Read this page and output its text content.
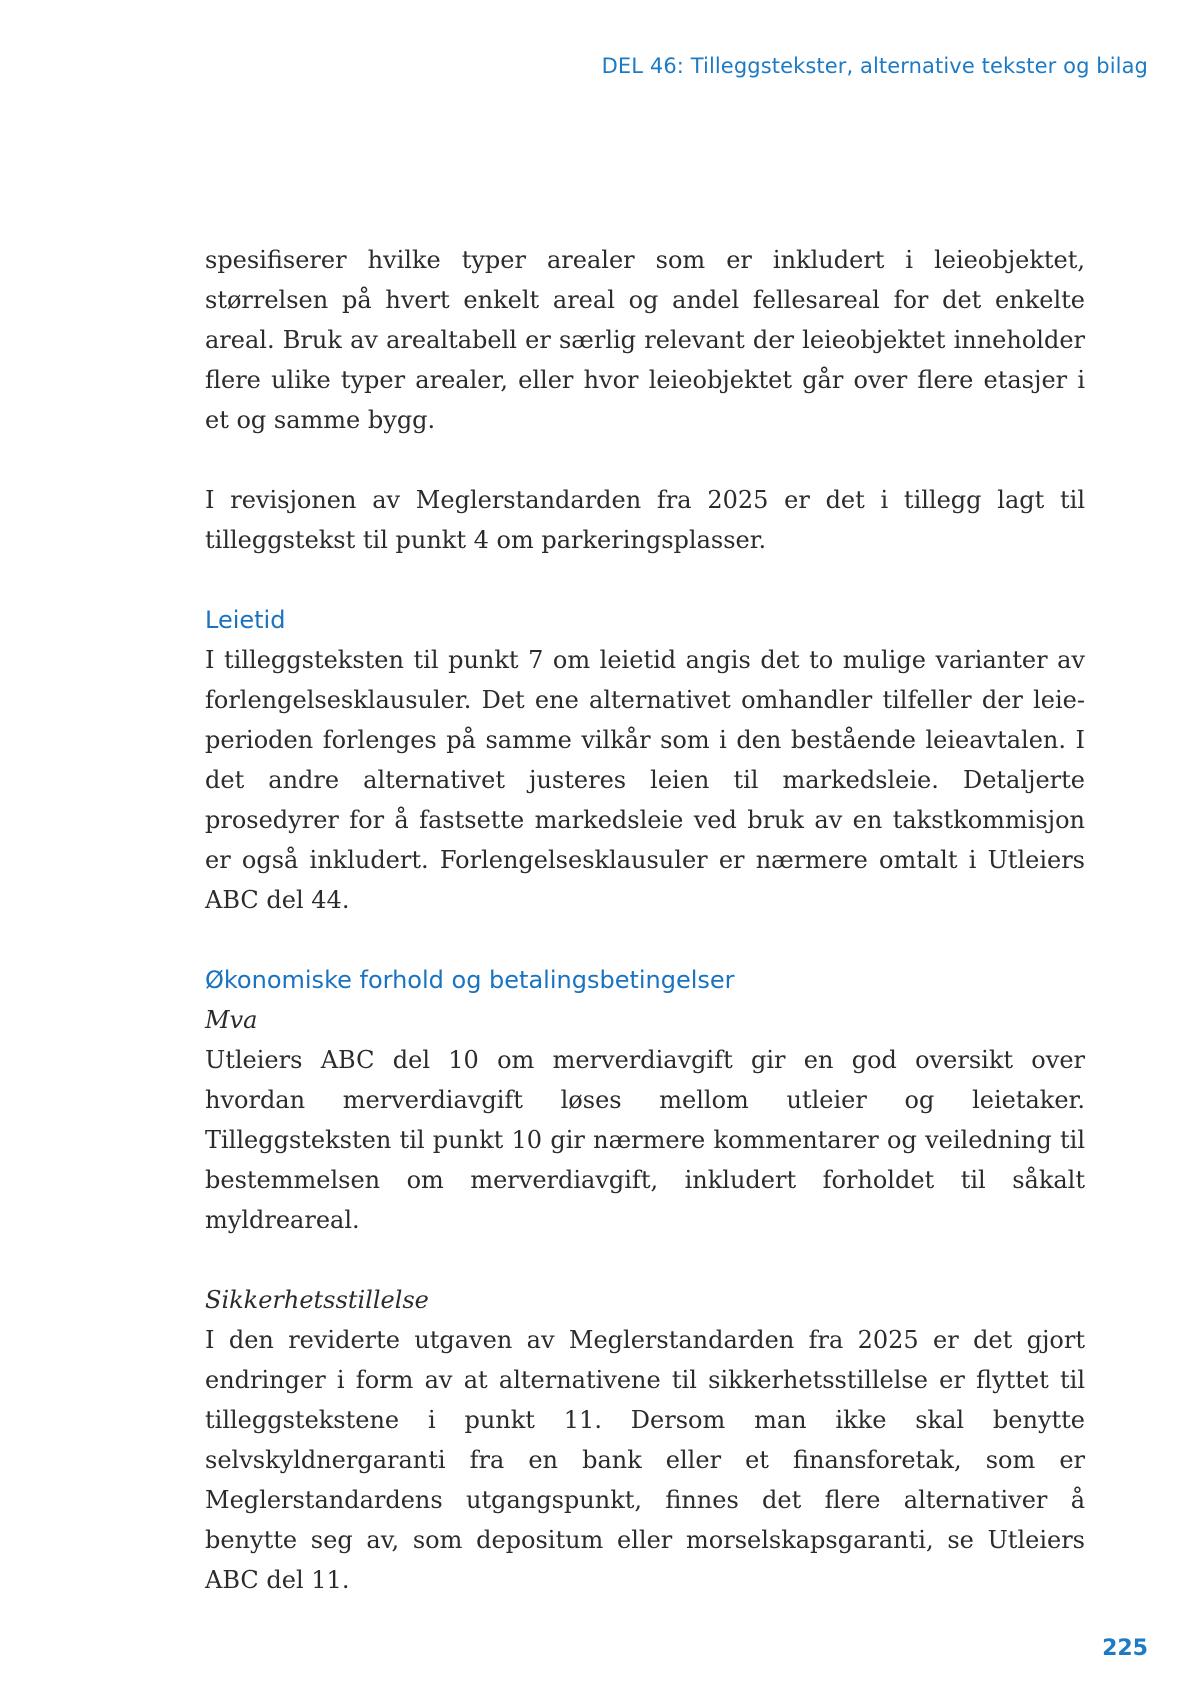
DEL 46: Tilleggstekster, alternative tekster og bilag

spesifiserer hvilke typer arealer som er inkludert i leieobjektet, størrelsen på hvert enkelt areal og andel fellesareal for det enkelte areal. Bruk av arealtabell er særlig relevant der leieobjektet inneholder flere ulike typer arealer, eller hvor leieobjektet går over flere etasjer i et og samme bygg.

I revisjonen av Meglerstandarden fra 2025 er det i tillegg lagt til tilleggstekst til punkt 4 om parkeringsplasser.

Leietid

I tilleggsteksten til punkt 7 om leietid angis det to mulige varianter av forlengelsesklausuler. Det ene alternativet omhandler tilfeller der leieperioden forlenges på samme vilkår som i den bestående leieavtalen. I det andre alternativet justeres leien til markedsleie. Detaljerte prosedyrer for å fastsette markedsleie ved bruk av en takstkommisjon er også inkludert. Forlengelsesklausuler er nærmere omtalt i Utleiers ABC del 44.

Økonomiske forhold og betalingsbetingelser

Mva

Utleiers ABC del 10 om merverdiavgift gir en god oversikt over hvordan merverdiavgift løses mellom utleier og leietaker. Tilleggsteksten til punkt 10 gir nærmere kommentarer og veiledning til bestemmelsen om merverdiavgift, inkludert forholdet til såkalt myldreareal.

Sikkerhetsstillelse

I den reviderte utgaven av Meglerstandarden fra 2025 er det gjort endringer i form av at alternativene til sikkerhetsstillelse er flyttet til tilleggstekstene i punkt 11. Dersom man ikke skal benytte selvskyldnergaranti fra en bank eller et finansforetak, som er Meglerstandardens utgangspunkt, finnes det flere alternativer å benytte seg av, som depositum eller morselskapsgaranti, se Utleiers ABC del 11.

225
